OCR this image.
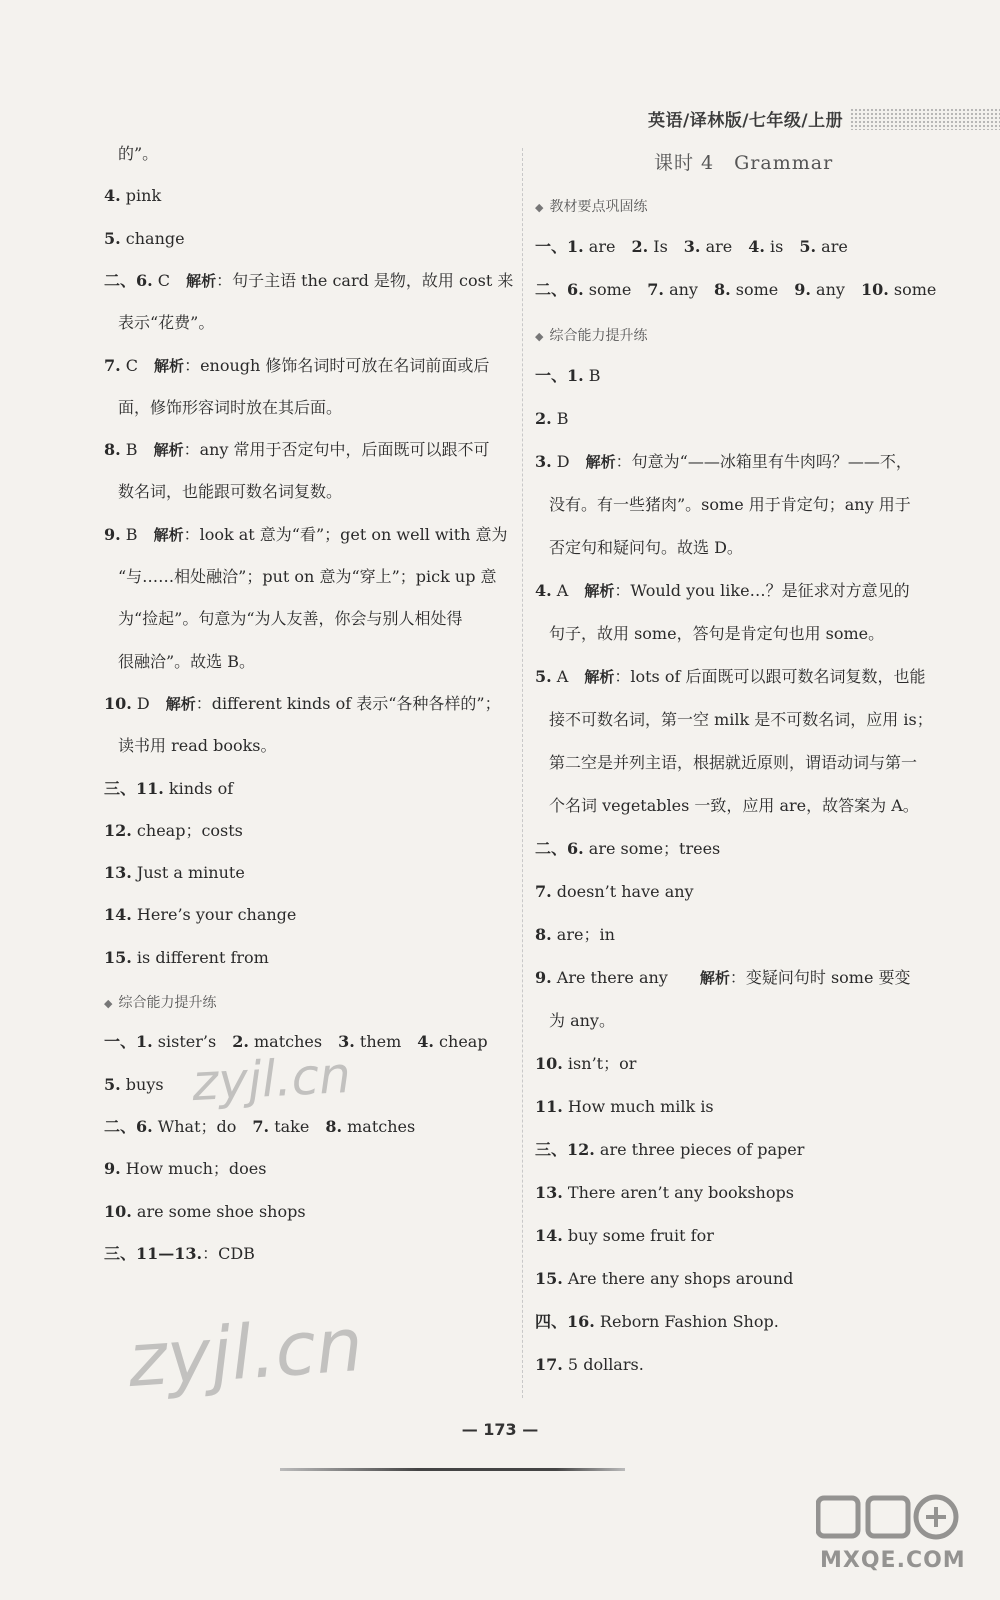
英语/译林版/七年级/上册
课时 4　Grammar
的”。
4. pink
5. change
二、6. C　 解析：句子主语 the card 是物，故用 cost 来
表示“花费”。
7. C　 解析：enough 修饰名词时可放在名词前面或后
面，修饰形容词时放在其后面。
8. B　 解析：any 常用于否定句中，后面既可以跟不可
数名词，也能跟可数名词复数。
9. B　 解析：look at 意为“看”；get on well with 意为
“与……相处融洽”；put on 意为“穿上”；pick up 意
为“捡起”。句意为“为人友善，你会与别人相处得
很融洽”。故选 B。
10. D　 解析：different kinds of 表示“各种各样的”；
读书用 read books。
三、11. kinds of
12. cheap；costs
13. Just a minute
14. Here’s your change
15. is different from
◆ 综合能力提升练
一、1. sister’s　2. matches　3. them　4. cheap
5. buys
二、6. What；do　7. take　8. matches
9. How much；does
10. are some shoe shops
三、11—13.：CDB
◆ 教材要点巩固练
一、1. are　2. Is　3. are　4. is　5. are
二、6. some　7. any　8. some　9. any　10. some
◆ 综合能力提升练
一、1. B
2. B
3. D　 解析：句意为“——冰箱里有牛肉吗？——不，
没有。有一些猪肉”。some 用于肯定句；any 用于
否定句和疑问句。故选 D。
4. A　 解析：Would you like…？是征求对方意见的
句子，故用 some，答句是肯定句也用 some。
5. A　 解析：lots of 后面既可以跟可数名词复数，也能
接不可数名词，第一空 milk 是不可数名词，应用 is；
第二空是并列主语，根据就近原则，谓语动词与第一
个名词 vegetables 一致，应用 are，故答案为 A。
二、6. are some；trees
7. doesn’t have any
8. are；in
9. Are there any　　解析：变疑问句时 some 要变
为 any。
10. isn’t；or
11. How much milk is
三、12. are three pieces of paper
13. There aren’t any bookshops
14. buy some fruit for
15. Are there any shops around
四、16. Reborn Fashion Shop.
17. 5 dollars.
zyjl.cn
zyjl.cn
— 173 —
MXQE.COM
